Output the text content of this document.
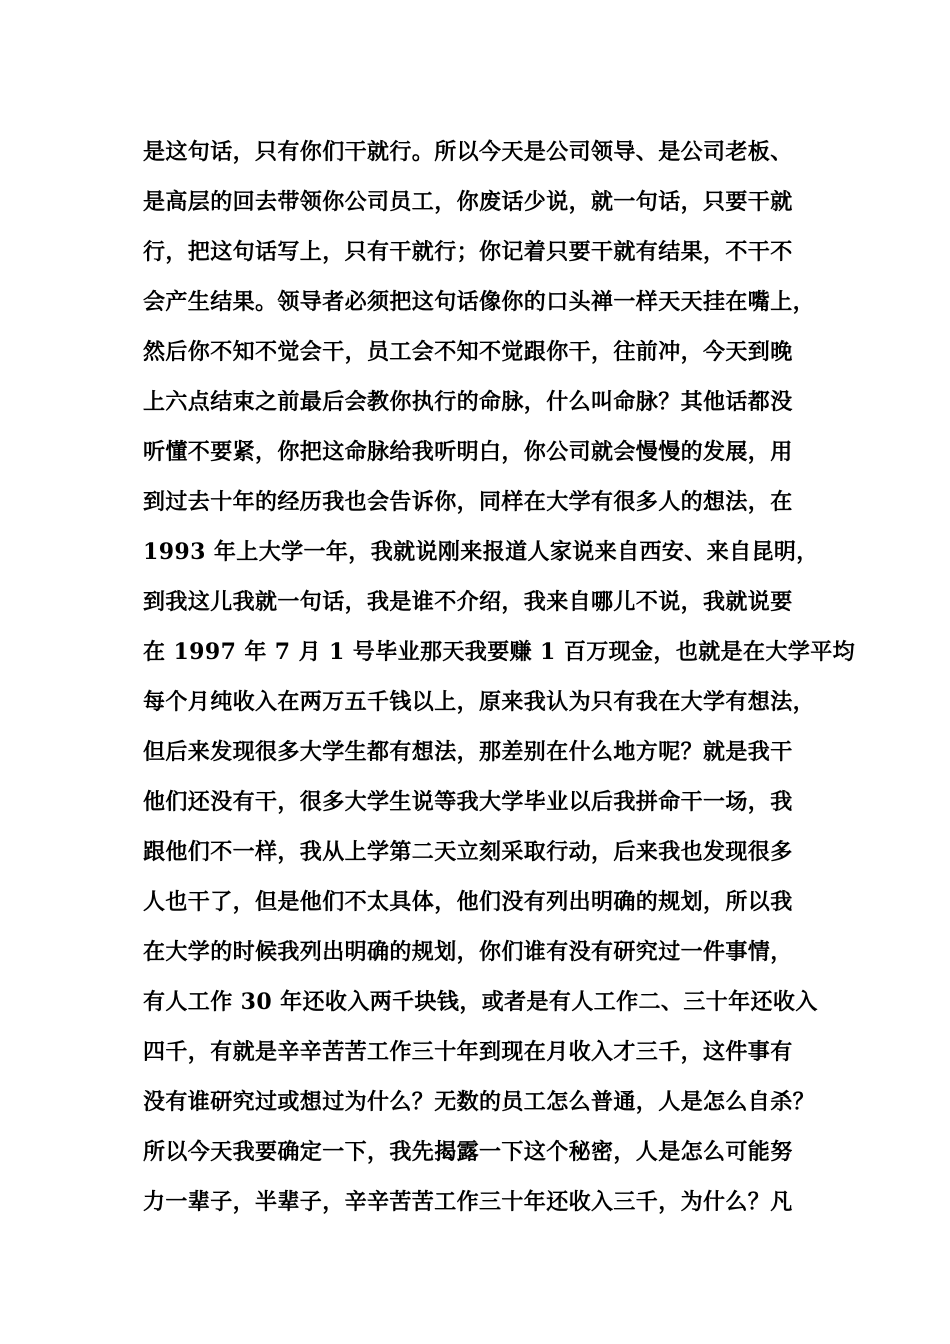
是这句话，只有你们干就行。所以今天是公司领导、是公司老板、
是高层的回去带领你公司员工，你废话少说，就一句话，只要干就
行，把这句话写上，只有干就行；你记着只要干就有结果，不干不
会产生结果。领导者必须把这句话像你的口头禅一样天天挂在嘴上，
然后你不知不觉会干，员工会不知不觉跟你干，往前冲，今天到晚
上六点结束之前最后会教你执行的命脉，什么叫命脉？其他话都没
听懂不要紧，你把这命脉给我听明白，你公司就会慢慢的发展，用
到过去十年的经历我也会告诉你，同样在大学有很多人的想法，在
1993 年上大学一年，我就说刚来报道人家说来自西安、来自昆明，
到我这儿我就一句话，我是谁不介绍，我来自哪儿不说，我就说要
在 1997 年 7 月 1 号毕业那天我要赚 1 百万现金，也就是在大学平均
每个月纯收入在两万五千钱以上，原来我认为只有我在大学有想法，
但后来发现很多大学生都有想法，那差别在什么地方呢？就是我干
他们还没有干，很多大学生说等我大学毕业以后我拼命干一场，我
跟他们不一样，我从上学第二天立刻采取行动，后来我也发现很多
人也干了，但是他们不太具体，他们没有列出明确的规划，所以我
在大学的时候我列出明确的规划，你们谁有没有研究过一件事情，
有人工作 30 年还收入两千块钱，或者是有人工作二、三十年还收入
四千，有就是辛辛苦苦工作三十年到现在月收入才三千，这件事有
没有谁研究过或想过为什么？无数的员工怎么普通，人是怎么自杀？
所以今天我要确定一下，我先揭露一下这个秘密，人是怎么可能努
力一辈子，半辈子，辛辛苦苦工作三十年还收入三千，为什么？凡
